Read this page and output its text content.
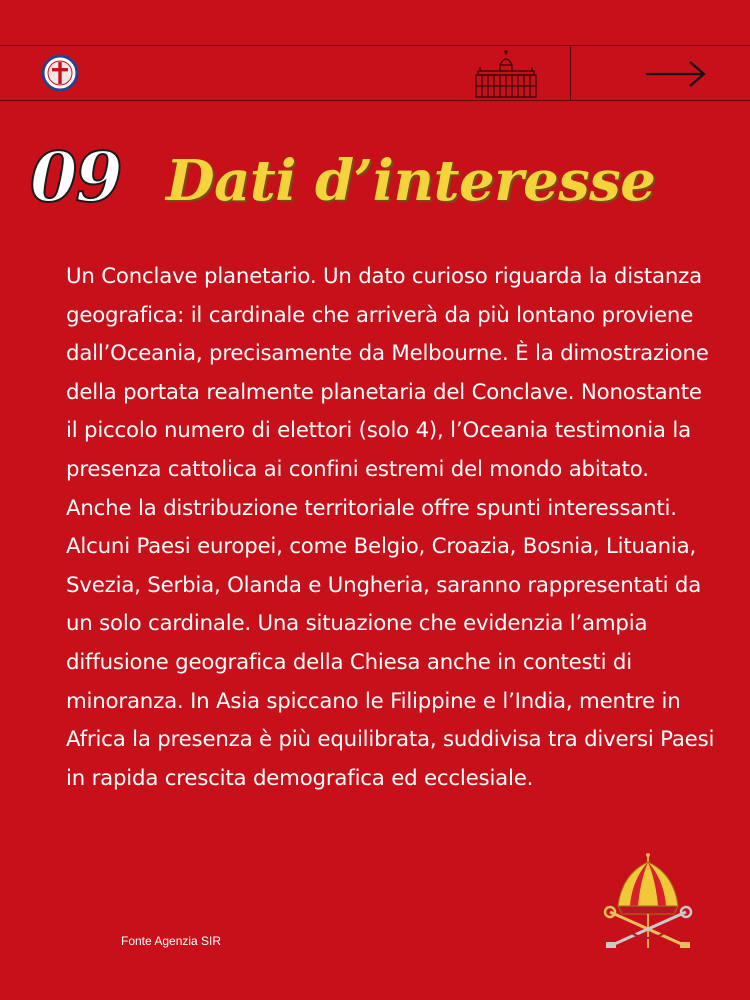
09 Dati d’interesse
Un Conclave planetario. Un dato curioso riguarda la distanza geografica: il cardinale che arriverà da più lontano proviene dall’Oceania, precisamente da Melbourne. È la dimostrazione della portata realmente planetaria del Conclave. Nonostante il piccolo numero di elettori (solo 4), l’Oceania testimonia la presenza cattolica ai confini estremi del mondo abitato. Anche la distribuzione territoriale offre spunti interessanti. Alcuni Paesi europei, come Belgio, Croazia, Bosnia, Lituania, Svezia, Serbia, Olanda e Ungheria, saranno rappresentati da un solo cardinale. Una situazione che evidenzia l’ampia diffusione geografica della Chiesa anche in contesti di minoranza. In Asia spiccano le Filippine e l’India, mentre in Africa la presenza è più equilibrata, suddivisa tra diversi Paesi in rapida crescita demografica ed ecclesiale.
Fonte Agenzia SIR
